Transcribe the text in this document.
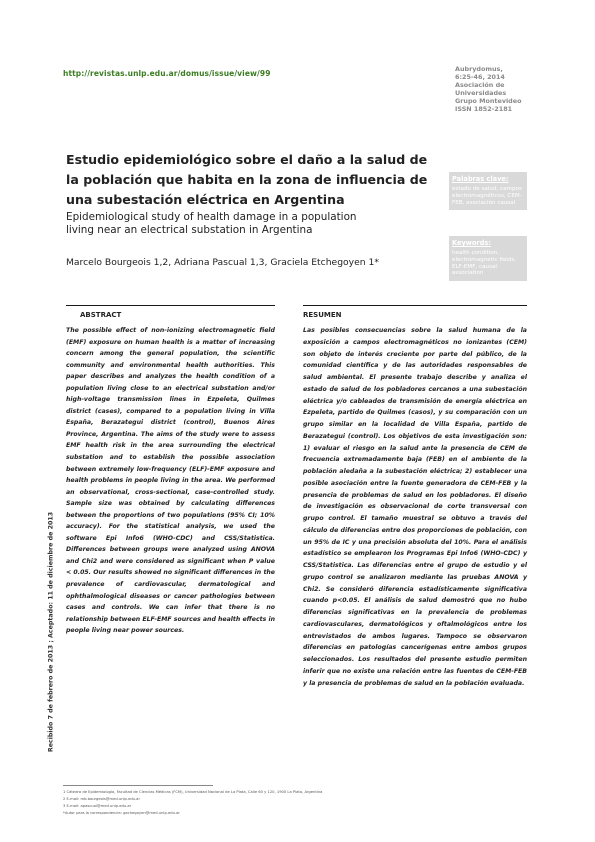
http://revistas.unlp.edu.ar/domus/issue/view/99	Aubrydomus,
6:25-46, 2014
Asociación de
Universidades
Grupo Montevideo
ISSN 1852-2181
Estudio epidemiológico sobre el daño a la salud de la población que habita en la zona de influencia de una subestación eléctrica en Argentina
Epidemiological study of health damage in a population living near an electrical substation in Argentina
Marcelo Bourgeois 1,2, Adriana Pascual 1,3, Graciela Etchegoyen 1*
Palabras clave:
estado de salud, campos electromagnéticos, CEM-FEB, asociación causal
Keywords:
health condition, electromagnetic fields, ELF-EMF, causal association
ABSTRACT
The possible effect of non-ionizing electromagnetic field (EMF) exposure on human health is a matter of increasing concern among the general population, the scientific community and environmental health authorities. This paper describes and analyzes the health condition of a population living close to an electrical substation and/or high-voltage transmission lines in Ezpeleta, Quilmes district (cases), compared to a population living in Villa España, Berazategui district (control), Buenos Aires Province, Argentina. The aims of the study were to assess EMF health risk in the area surrounding the electrical substation and to establish the possible association between extremely low-frequency (ELF)-EMF exposure and health problems in people living in the area. We performed an observational, cross-sectional, case-controlled study. Sample size was obtained by calculating differences between the proportions of two populations (95% CI; 10% accuracy). For the statistical analysis, we used the software Epi Info6 (WHO-CDC) and CSS/Statistica. Differences between groups were analyzed using ANOVA and Chi2 and were considered as significant when P value < 0.05. Our results showed no significant differences in the prevalence of cardiovascular, dermatological and ophthalmological diseases or cancer pathologies between cases and controls. We can infer that there is no relationship between ELF-EMF sources and health effects in people living near power sources.
RESUMEN
Las posibles consecuencias sobre la salud humana de la exposición a campos electromagnéticos no ionizantes (CEM) son objeto de interés creciente por parte del público, de la comunidad científica y de las autoridades responsables de salud ambiental. El presente trabajo describe y analiza el estado de salud de los pobladores cercanos a una subestación eléctrica y/o cableados de transmisión de energía eléctrica en Ezpeleta, partido de Quilmes (casos), y su comparación con un grupo similar en la localidad de Villa España, partido de Berazategui (control). Los objetivos de esta investigación son: 1) evaluar el riesgo en la salud ante la presencia de CEM de frecuencia extremadamente baja (FEB) en el ambiente de la población aledaña a la subestación eléctrica; 2) establecer una posible asociación entre la fuente generadora de CEM-FEB y la presencia de problemas de salud en los pobladores. El diseño de investigación es observacional de corte transversal con grupo control. El tamaño muestral se obtuvo a través del cálculo de diferencias entre dos proporciones de población, con un 95% de IC y una precisión absoluta del 10%. Para el análisis estadístico se emplearon los Programas Epi Info6 (WHO-CDC) y CSS/Statistica. Las diferencias entre el grupo de estudio y el grupo control se analizaron mediante las pruebas ANOVA y Chi2. Se consideró diferencia estadísticamente significativa cuando p<0.05. El análisis de salud demostró que no hubo diferencias significativas en la prevalencia de problemas cardiovasculares, dermatológicos y oftalmológicos entre los entrevistados de ambos lugares. Tampoco se observaron diferencias en patologías cancerígenas entre ambos grupos seleccionados. Los resultados del presente estudio permiten inferir que no existe una relación entre las fuentes de CEM-FEB y la presencia de problemas de salud en la población evaluada.
Recibido 7 de febrero de 2013 ; Aceptado: 11 de diciembre de 2013
1 Cátedra de Epidemiología, Facultad de Ciencias Médicas (FCM), Universidad Nacional de La Plata, Calle 60 y 120, 1900 La Plata, Argentina
2 E-mail: mb.bourgeois@med.unlp.edu.ar
3 E-mail: apascual@med.unlp.edu.ar
*Autor para la correspondencia: gachegoyen@med.unlp.edu.ar
